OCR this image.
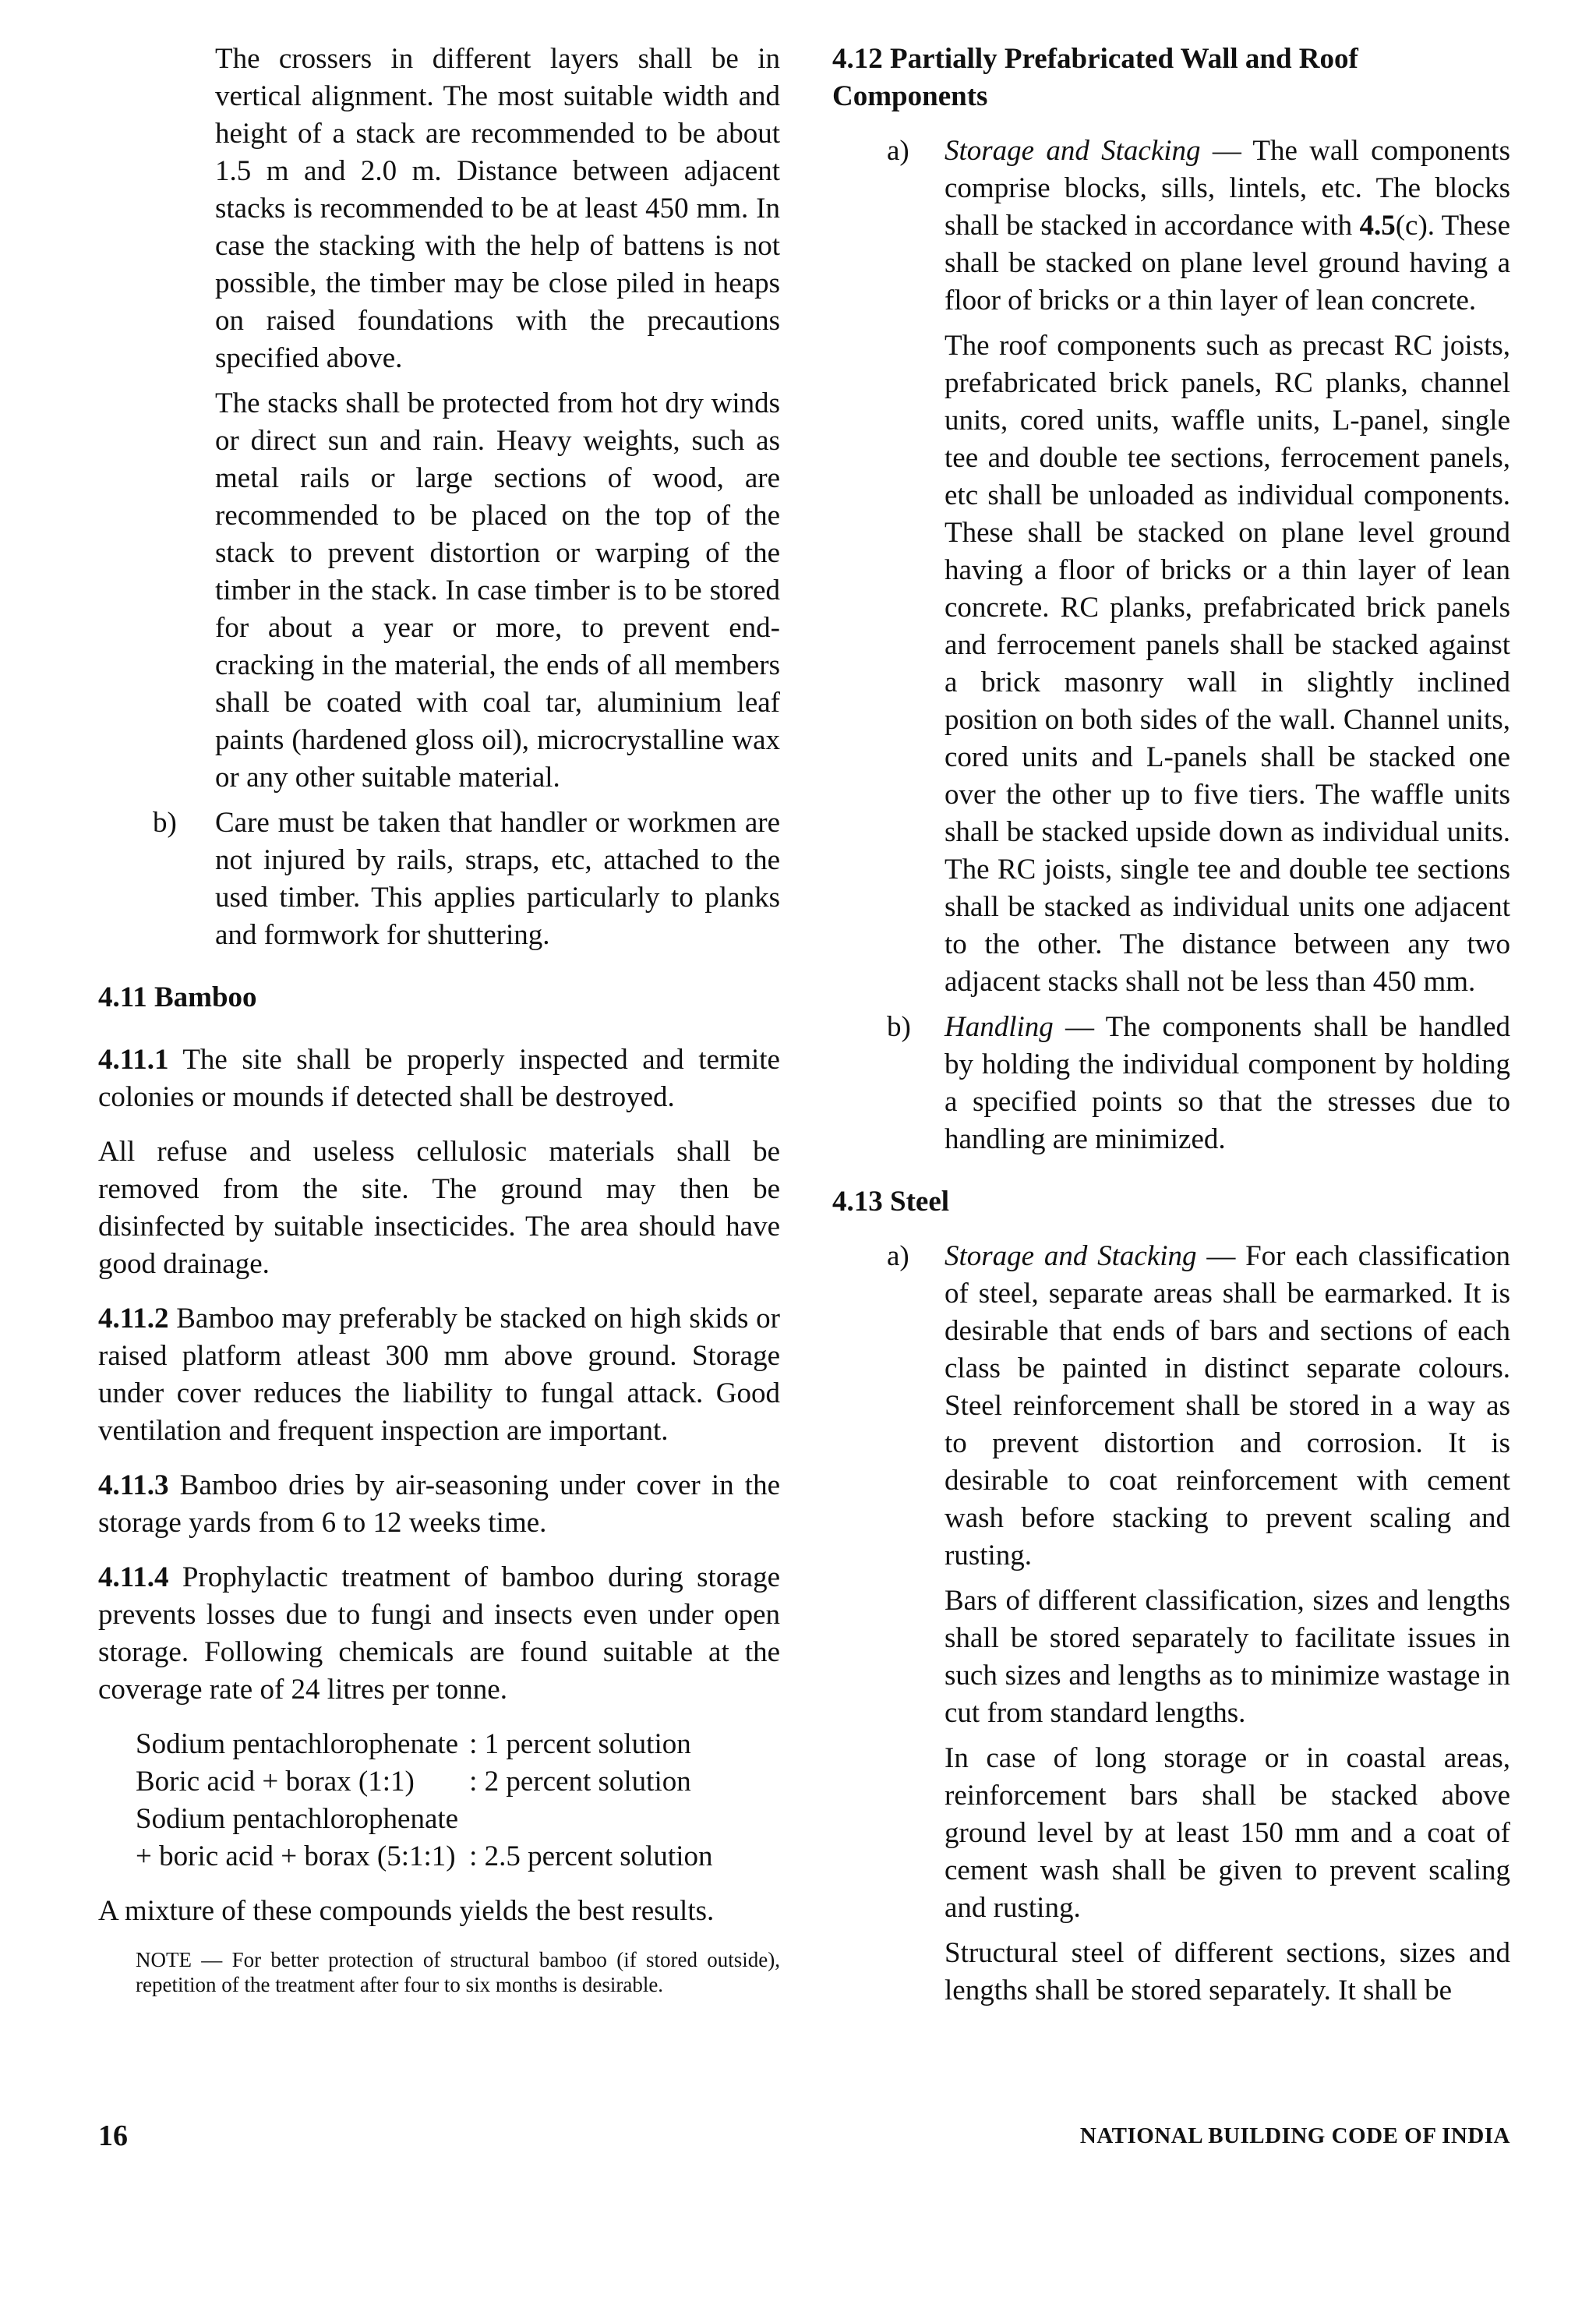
The crossers in different layers shall be in vertical alignment. The most suitable width and height of a stack are recommended to be about 1.5 m and 2.0 m. Distance between adjacent stacks is recommended to be at least 450 mm. In case the stacking with the help of battens is not possible, the timber may be close piled in heaps on raised foundations with the precautions specified above.

The stacks shall be protected from hot dry winds or direct sun and rain. Heavy weights, such as metal rails or large sections of wood, are recommended to be placed on the top of the stack to prevent distortion or warping of the timber in the stack. In case timber is to be stored for about a year or more, to prevent end-cracking in the material, the ends of all members shall be coated with coal tar, aluminium leaf paints (hardened gloss oil), microcrystalline wax or any other suitable material.

b) Care must be taken that handler or workmen are not injured by rails, straps, etc, attached to the used timber. This applies particularly to planks and formwork for shuttering.

4.11 Bamboo

4.11.1 The site shall be properly inspected and termite colonies or mounds if detected shall be destroyed.

All refuse and useless cellulosic materials shall be removed from the site. The ground may then be disinfected by suitable insecticides. The area should have good drainage.

4.11.2 Bamboo may preferably be stacked on high skids or raised platform atleast 300 mm above ground. Storage under cover reduces the liability to fungal attack. Good ventilation and frequent inspection are important.

4.11.3 Bamboo dries by air-seasoning under cover in the storage yards from 6 to 12 weeks time.

4.11.4 Prophylactic treatment of bamboo during storage prevents losses due to fungi and insects even under open storage. Following chemicals are found suitable at the coverage rate of 24 litres per tonne.

Sodium pentachlorophenate	: 1 percent solution
Boric acid + borax (1:1)	: 2 percent solution
Sodium pentachlorophenate	
+ boric acid + borax (5:1:1)	: 2.5 percent solution

A mixture of these compounds yields the best results.

NOTE — For better protection of structural bamboo (if stored outside), repetition of the treatment after four to six months is desirable.

4.12 Partially Prefabricated Wall and Roof Components

a) Storage and Stacking — The wall components comprise blocks, sills, lintels, etc. The blocks shall be stacked in accordance with 4.5(c). These shall be stacked on plane level ground having a floor of bricks or a thin layer of lean concrete.

The roof components such as precast RC joists, prefabricated brick panels, RC planks, channel units, cored units, waffle units, L-panel, single tee and double tee sections, ferrocement panels, etc shall be unloaded as individual components. These shall be stacked on plane level ground having a floor of bricks or a thin layer of lean concrete. RC planks, prefabricated brick panels and ferrocement panels shall be stacked against a brick masonry wall in slightly inclined position on both sides of the wall. Channel units, cored units and L-panels shall be stacked one over the other up to five tiers. The waffle units shall be stacked upside down as individual units. The RC joists, single tee and double tee sections shall be stacked as individual units one adjacent to the other. The distance between any two adjacent stacks shall not be less than 450 mm.

b) Handling — The components shall be handled by holding the individual component by holding a specified points so that the stresses due to handling are minimized.

4.13 Steel

a) Storage and Stacking — For each classification of steel, separate areas shall be earmarked. It is desirable that ends of bars and sections of each class be painted in distinct separate colours. Steel reinforcement shall be stored in a way as to prevent distortion and corrosion. It is desirable to coat reinforcement with cement wash before stacking to prevent scaling and rusting.

Bars of different classification, sizes and lengths shall be stored separately to facilitate issues in such sizes and lengths as to minimize wastage in cut from standard lengths.

In case of long storage or in coastal areas, reinforcement bars shall be stacked above ground level by at least 150 mm and a coat of cement wash shall be given to prevent scaling and rusting.

Structural steel of different sections, sizes and lengths shall be stored separately. It shall be

16	NATIONAL BUILDING CODE OF INDIA
